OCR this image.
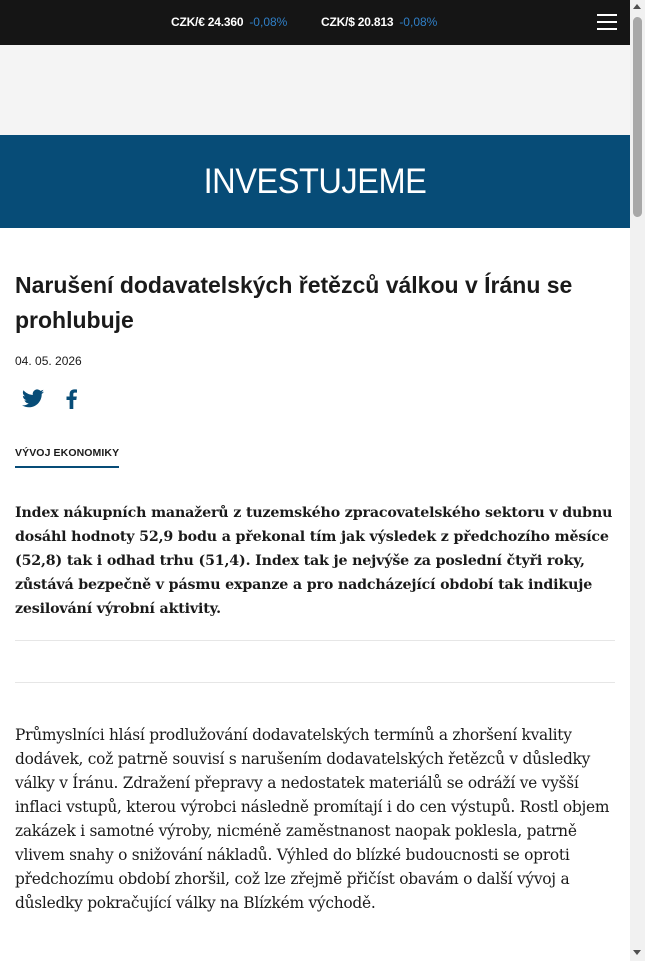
CZK/€ 24.360 -0,08%	CZK/$ 20.813 -0,08%
INVESTUJEME
Narušení dodavatelských řetězců válkou v Íránu se prohlubuje
04. 05. 2026
VÝVOJ EKONOMIKY

Index nákupních manažerů z tuzemského zpracovatelského sektoru v dubnu dosáhl hodnoty 52,9 bodu a překonal tím jak výsledek z předchozího měsíce (52,8) tak i odhad trhu (51,4). Index tak je nejvýše za poslední čtyři roky, zůstává bezpečně v pásmu expanze a pro nadcházející období tak indikuje zesilování výrobní aktivity.

Průmyslníci hlásí prodlužování dodavatelských termínů a zhoršení kvality dodávek, což patrně souvisí s narušením dodavatelských řetězců v důsledky války v Íránu. Zdražení přepravy a nedostatek materiálů se odráží ve vyšší inflaci vstupů, kterou výrobci následně promítají i do cen výstupů. Rostl objem zakázek i samotné výroby, nicméně zaměstnanost naopak poklesla, patrně vlivem snahy o snižování nákladů. Výhled do blízké budoucnosti se oproti předchozímu období zhoršil, což lze zřejmě přičíst obavám o další vývoj a důsledky pokračující války na Blízkém východě.
